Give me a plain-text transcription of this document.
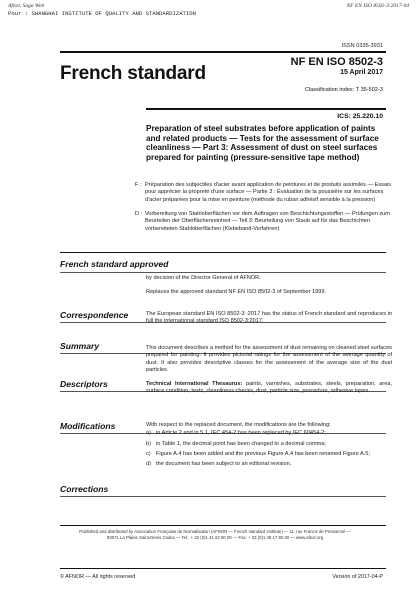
Afnor, Saga Web
Pour : SHANGHAI INSTITUTE OF QUALITY AND STANDARDIZATION
NF EN ISO 8502-3:2017-04
ISSN 0335-3931
French standard
NF EN ISO 8502-3
15 April 2017
Classification index: T 35-502-3
ICS: 25.220.10
Preparation of steel substrates before application of paints and related products — Tests for the assessment of surface cleanliness — Part 3: Assessment of dust on steel surfaces prepared for painting (pressure-sensitive tape method)
F : Préparation des subjectiles d'acier avant application de peintures et de produits assimilés — Essais pour apprécier la propreté d'une surface — Partie 3 : Évaluation de la poussière sur les surfaces d'acier préparées pour la mise en peinture (méthode du ruban adhésif sensible à la pression)
D : Vorbereitung von Stahloberflächen vor dem Auftragen von Beschichtungsstoffen — Prüfungen zum Beurteilen der Oberflächenreinheit — Teil 3: Beurteilung von Staub auf für das Beschichten vorbereiteten Stahloberflächen (Klebeband-Verfahren)
French standard approved
by decision of the Director General of AFNOR.
Replaces the approved standard NF EN ISO 8502-3 of September 1999.
Correspondence	The European standard EN ISO 8502-3 :2017 has the status of French standard and reproduces in full the international standard ISO 8502-3:2017.
Summary	This document describes a method for the assessment of dust remaining on cleaned steel surfaces prepared for painting. It provides pictorial ratings for the assessment of the average quantity of dust. It also provides descriptive classes for the assessment of the average size of the dust particles.
Descriptors	Technical International Thesaurus: paints, varnishes, substrates, steels, preparation, area, surface condition, tests, cleanliness checks, dust, particle size, procedure, adhesive tapes.
Modifications	With respect to the replaced document, the modifications are the following:
a) in Article 2 and in 5.1, IEC 454-2 has been replaced by IEC 60454-2;
b) in Table 1, the decimal point has been changed to a decimal comma;
c) Figure A.4 has been added and the previous Figure A.4 has been renamed Figure A.5;
d) the document has been subject to an editorial revision.
Corrections
Published and distributed by Association Française de Normalisation (AFNOR — French standard institute) — 11, rue Francis de Pressensé —
93571 La Plaine Saint-Denis Cedex — Tel.: + 33 (0)1 41 62 80 00 — Fax: + 33 (0)1 49 17 90 00 — www.afnor.org
© AFNOR — All rights reserved	Version of 2017-04-P
